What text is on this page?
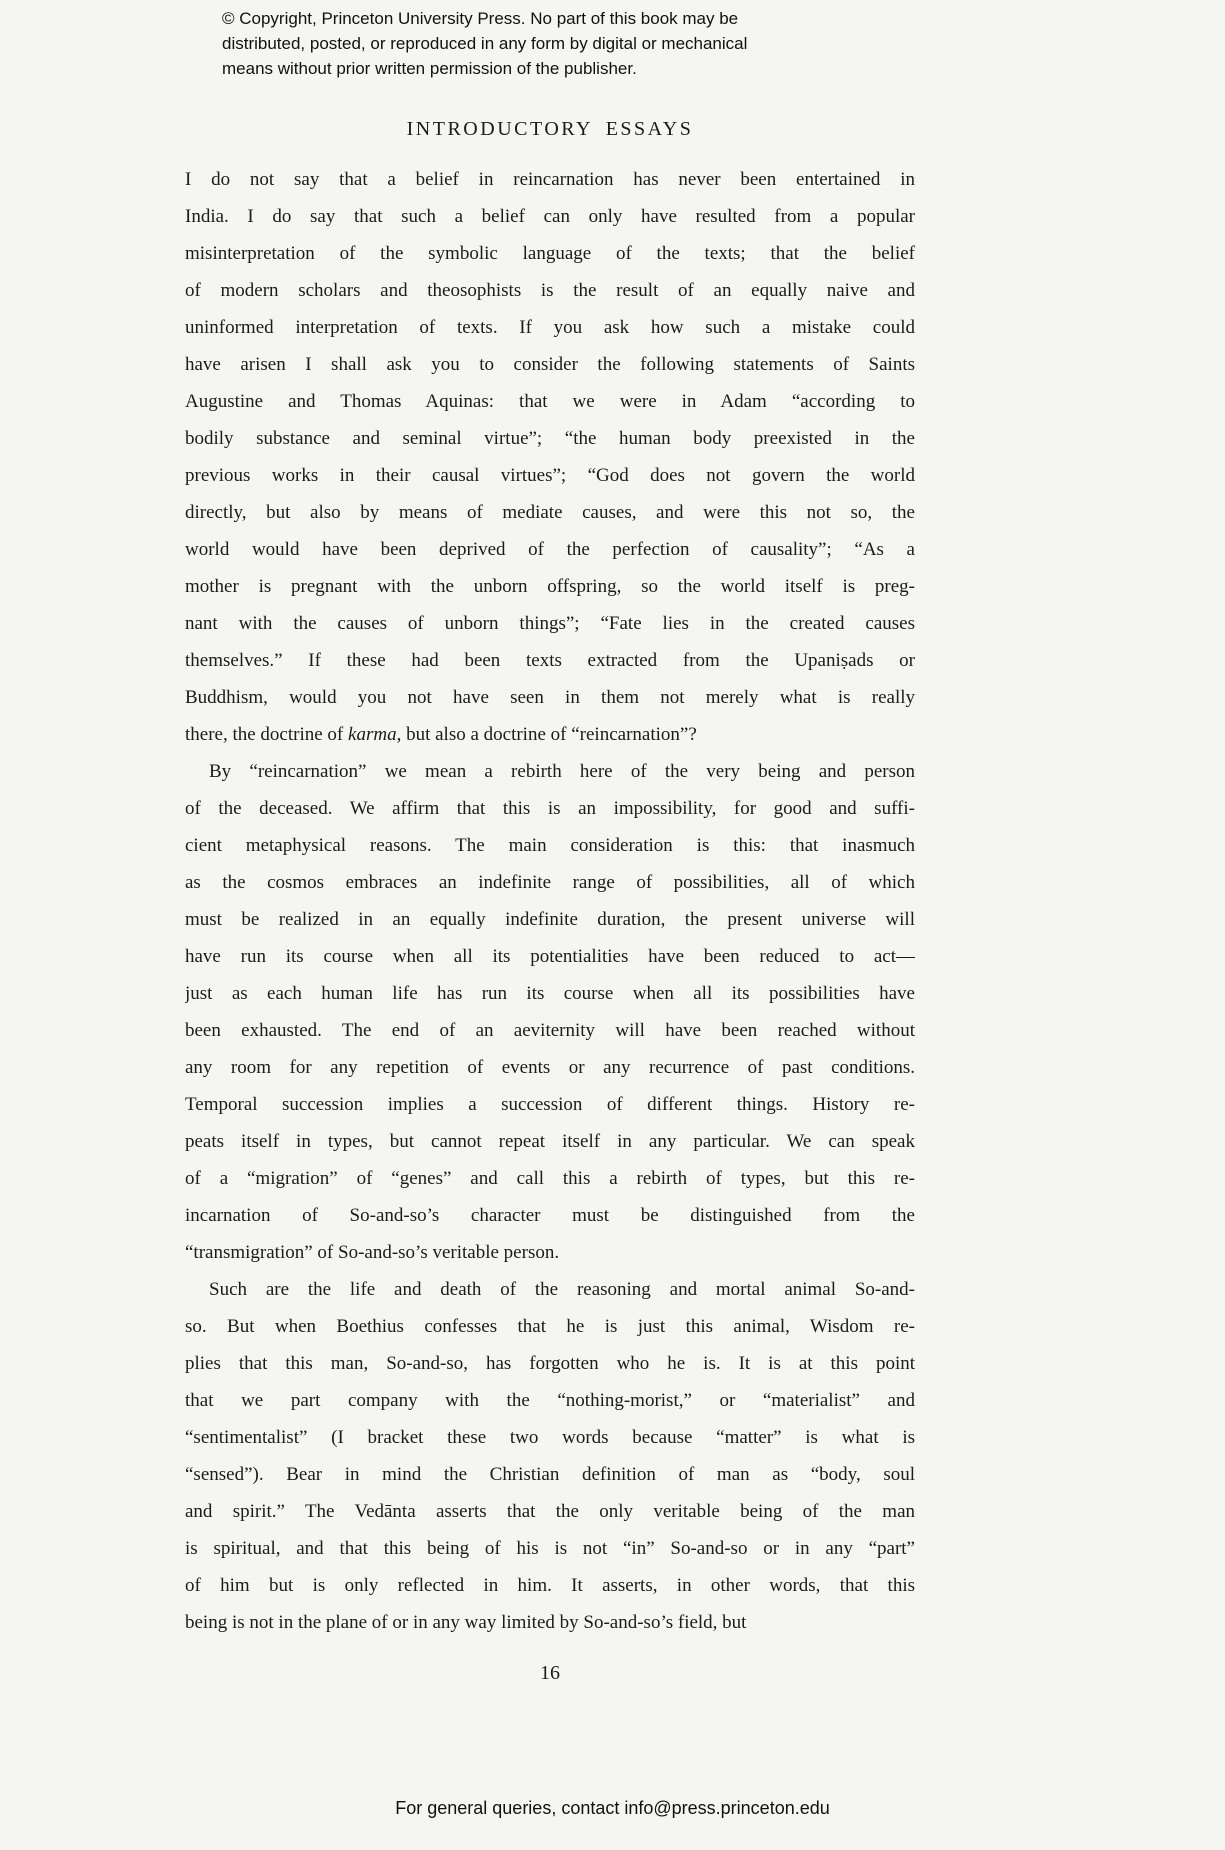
© Copyright, Princeton University Press. No part of this book may be
distributed, posted, or reproduced in any form by digital or mechanical
means without prior written permission of the publisher.
INTRODUCTORY ESSAYS
I do not say that a belief in reincarnation has never been entertained in
India. I do say that such a belief can only have resulted from a popular
misinterpretation of the symbolic language of the texts; that the belief
of modern scholars and theosophists is the result of an equally naive and
uninformed interpretation of texts. If you ask how such a mistake could
have arisen I shall ask you to consider the following statements of Saints
Augustine and Thomas Aquinas: that we were in Adam “according to
bodily substance and seminal virtue”; “the human body preexisted in the
previous works in their causal virtues”; “God does not govern the world
directly, but also by means of mediate causes, and were this not so, the
world would have been deprived of the perfection of causality”; “As a
mother is pregnant with the unborn offspring, so the world itself is preg-
nant with the causes of unborn things”; “Fate lies in the created causes
themselves.” If these had been texts extracted from the Upaniṣads or
Buddhism, would you not have seen in them not merely what is really
there, the doctrine of karma, but also a doctrine of “reincarnation”?
By “reincarnation” we mean a rebirth here of the very being and person
of the deceased. We affirm that this is an impossibility, for good and suffi-
cient metaphysical reasons. The main consideration is this: that inasmuch
as the cosmos embraces an indefinite range of possibilities, all of which
must be realized in an equally indefinite duration, the present universe will
have run its course when all its potentialities have been reduced to act—
just as each human life has run its course when all its possibilities have
been exhausted. The end of an aeviternity will have been reached without
any room for any repetition of events or any recurrence of past conditions.
Temporal succession implies a succession of different things. History re-
peats itself in types, but cannot repeat itself in any particular. We can speak
of a “migration” of “genes” and call this a rebirth of types, but this re-
incarnation of So-and-so’s character must be distinguished from the
“transmigration” of So-and-so’s veritable person.
Such are the life and death of the reasoning and mortal animal So-and-
so. But when Boethius confesses that he is just this animal, Wisdom re-
plies that this man, So-and-so, has forgotten who he is. It is at this point
that we part company with the “nothing-morist,” or “materialist” and
“sentimentalist” (I bracket these two words because “matter” is what is
“sensed”). Bear in mind the Christian definition of man as “body, soul
and spirit.” The Vedānta asserts that the only veritable being of the man
is spiritual, and that this being of his is not “in” So-and-so or in any “part”
of him but is only reflected in him. It asserts, in other words, that this
being is not in the plane of or in any way limited by So-and-so’s field, but
16
For general queries, contact info@press.princeton.edu
